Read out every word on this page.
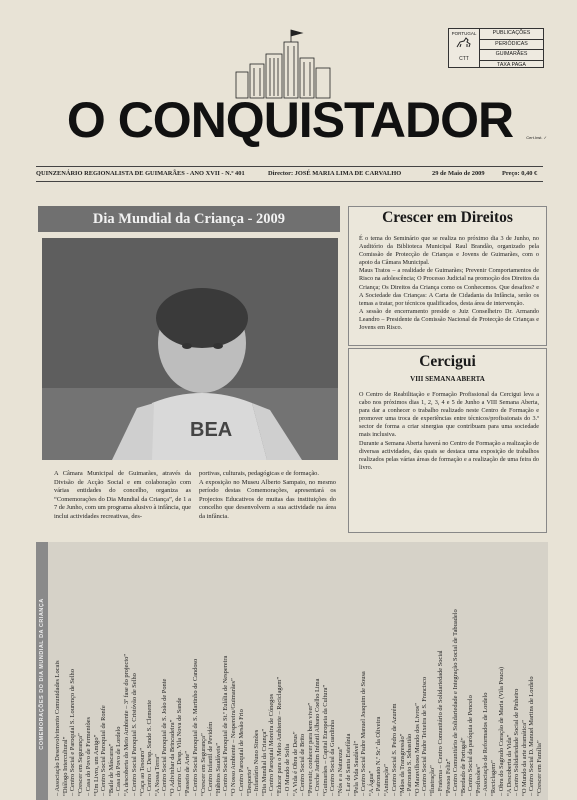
O CONQUISTADOR	Cert.Inst. ✓
PORTUGAL
CTT
PUBLICAÇÕES
PERIÓDICAS
GUIMARÃES
TAXA PAGA
QUINZENÁRIO REGIONALISTA DE GUIMARÃES - ANO XVII - N.º 401	Director: JOSÉ MARIA LIMA DE CARVALHO	29 de Maio de 2009	Preço: 0,40 €
Dia Mundial da Criança - 2009
BEA
A Câmara Municipal de Guimarães, através da Divisão de Acção Social e em colaboração com várias entidades do concelho, organiza as “Comemorações do Dia Mundial da Criança”, de 1 a 7 de Junho, com um programa alusivo à infância, que inclui actividades recreativas, des-
portivas, culturais, pedagógicas e de formação.
A exposição no Museu Alberto Sampaio, no mesmo período destas Comemorações, apresentará os Projectos Educativos de muitas das instituições do concelho que desenvolvem a sua actividade na área da infância.
Crescer em Direitos
É o tema do Seminário que se realiza no próximo dia 3 de Junho, no Auditório da Biblioteca Municipal Raul Brandão, organizado pela Comissão de Protecção de Crianças e Jovens de Guimarães, com o apoio da Câmara Municipal.
Maus Tratos – a realidade de Guimarães; Prevenir Comportamentos de Risco na adolescência; O Processo Judicial na promoção dos Direitos da Criança; Os Direitos da Criança como os Conhecemos. Que desafios? e A Sociedade das Crianças: A Carta de Cidadania da Infância, serão os temas a tratar, por técnicos qualificados, desta área de intervenção.
A sessão de encerramento preside o Juiz Conselheiro Dr. Armando Leandro – Presidente da Comissão Nacional de Protecção de Crianças e Jovens em Risco.
Cercigui
VIII SEMANA ABERTA
O Centro de Reabilitação e Formação Profissional da Cercigui leva a cabo nos próximos dias 1, 2, 3, 4 e 5 de Junho a VIII Semana Aberta, para dar a conhecer o trabalho realizado neste Centro de Formação e promover uma troca de experiências entre técnicos/profissionais do 3.º sector de forma a criar sinergias que contribuam para uma sociedade mais inclusiva.
Durante a Semana Aberta haverá no Centro de Formação a realização de diversas actividades, das quais se destaca uma exposição de trabalhos realizados pelas várias áreas de formação e a realização de uma feira do livro.
COMEMORAÇÕES DO DIA MUNDIAL DA CRIANÇA
– Associação Desenvolvimento Comunidades Locais
“Diálogo Intercultural”
– Centro Social e Paroquial S. Lourenço de Selho
“Crescer em Segurança”
– Casa do Povo de Fermentões
“Um Livro, um Amigo”
– Centro Social Paroquial de Ronfe
“Baile de Máscaras”
– Casa do Povo de Lordelo
“A descoberta do Meio Ambiente – 3ª fase do projecto”
– Centro Social Paroquial S. Cristóvão de Selho
“Caça ao Tesouro”
– Centro C. Desp. Sande S. Clemente
“A Nossa Terra”
– Centro Social Paroquial de S. João de Ponte
“O Adivinhar da Brincadeira”
– Centro C. Desp. Vila Nova de Sande
“Passeio de Arte”
– Centro Social Paroquial de S. Martinho de Candoso
“Crescer em Segurança”
– Centro Infantil de Pevidém
“Hábitos Saudáveis”
– Centro Social Paroquial de St.ª Eulália de Nespereira
“O Nosso Ambiente – Nespereira/Guimarães”
– Centro Paroquial de Mesão Frio
“Desporto” – Infantário Nuno Simões
“Dia Mundial da Criança”
– Centro Paroquial Moreira de Cónegos
“Educar para o Meio Ambiente – Reciclagem”
– O Mundo de Sofia
“A Vida é Obra de Deus”
– Centro Social de Brito
“Prevenir, conhecer para bem viver”
– Creche Jardim Infantil Albano Coelho Lima
“Guimarães – Capital Europeia da Cultura”
– Centro Social da Guardinha
“Nós e a Natureza”
– Lar de Santa Estefânia
“Pela Vida Saudável”
– Centro Social Padre Manuel Joaquim de Sousa
“A Água”
– Patronato N.ª Sr.ª da Oliveira
“Animação” – Centro Social S. Pedro de Azurém
“Mãos da Transgressão”
– Patronato S. Sebastião
“O Maravilhoso Mundo dos Livros”
– Centro Social Padre Teixeira de S. Francisco
“Ilustração” – Fraterna – Centro Comunitário de Solidariedade Social
“Pessoa Feliz”
– Centro Comunitário de Solidariedade e Integração Social de Tabuadelo
“Bordado de Portugal”
– Centro Social da paróquia de Pencelo
“Profissões” – Associação de Reformados de Lordelo
“Reciclagem” – Obra do Sagrado Coração de Maria (Vila Pouca)
“A Descoberta da Vida”
– Centro Solidariedade Social de Pinheiro
“O Mundo da arte dramática”
– Centro Social D. Manuel Martins de Lordelo
“Crescer em Família”
